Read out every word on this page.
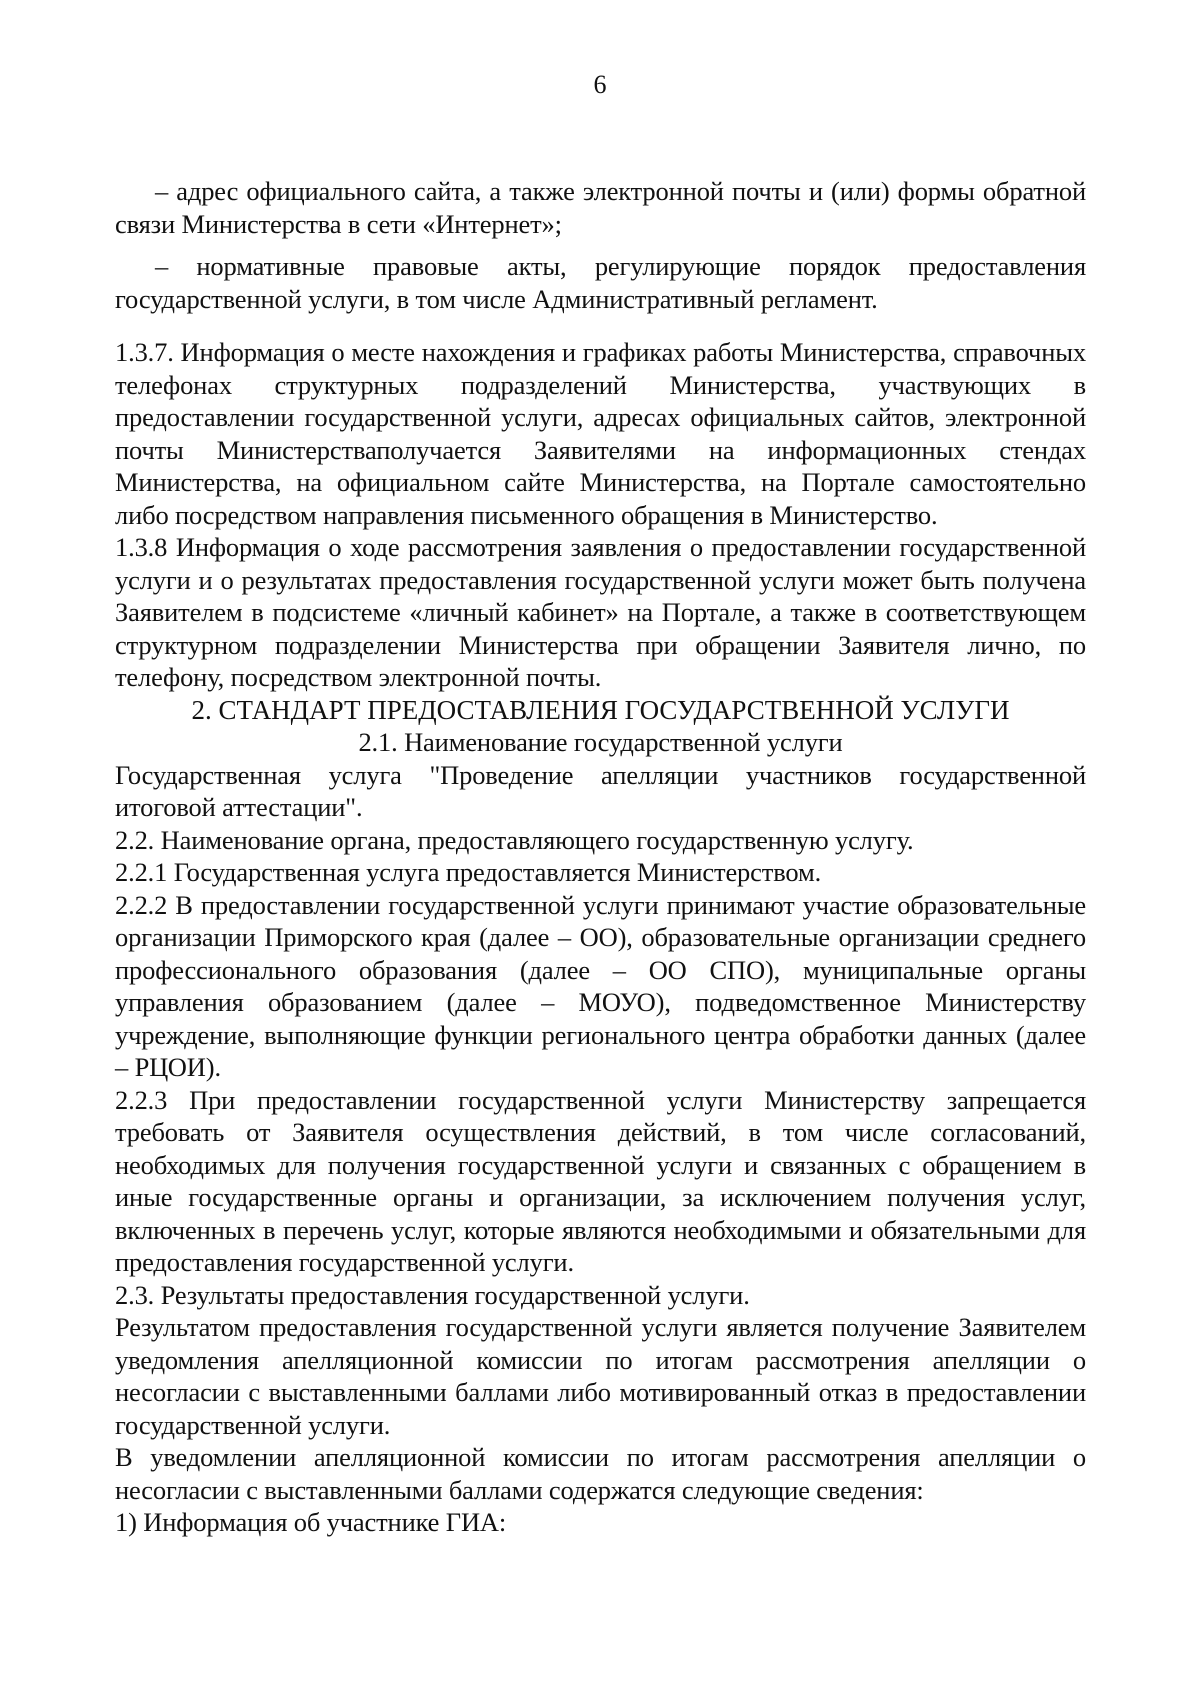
6

– адрес официального сайта, а также электронной почты и (или) формы обратной связи Министерства в сети «Интернет»;

– нормативные правовые акты, регулирующие порядок предоставления государственной услуги, в том числе Административный регламент.

1.3.7. Информация о месте нахождения и графиках работы Министерства, справочных телефонах структурных подразделений Министерства, участвующих в предоставлении государственной услуги, адресах официальных сайтов, электронной почты Министерстваполучается Заявителями на информационных стендах Министерства, на официальном сайте Министерства, на Портале самостоятельно либо посредством направления письменного обращения в Министерство.

1.3.8 Информация о ходе рассмотрения заявления о предоставлении государственной услуги и о результатах предоставления государственной услуги может быть получена Заявителем в подсистеме «личный кабинет» на Портале, а также в соответствующем структурном подразделении Министерства при обращении Заявителя лично, по телефону, посредством электронной почты.

2. СТАНДАРТ ПРЕДОСТАВЛЕНИЯ ГОСУДАРСТВЕННОЙ УСЛУГИ

2.1. Наименование государственной услуги

Государственная услуга "Проведение апелляции участников государственной итоговой аттестации".

2.2. Наименование органа, предоставляющего государственную услугу.

2.2.1 Государственная услуга предоставляется Министерством.

2.2.2 В предоставлении государственной услуги принимают участие образовательные организации Приморского края (далее – ОО), образовательные организации среднего профессионального образования (далее – ОО СПО), муниципальные органы управления образованием (далее – МОУО), подведомственное Министерству учреждение, выполняющие функции регионального центра обработки данных (далее – РЦОИ).

2.2.3 При предоставлении государственной услуги Министерству запрещается требовать от Заявителя осуществления действий, в том числе согласований, необходимых для получения государственной услуги и связанных с обращением в иные государственные органы и организации, за исключением получения услуг, включенных в перечень услуг, которые являются необходимыми и обязательными для предоставления государственной услуги.

2.3. Результаты предоставления государственной услуги.

Результатом предоставления государственной услуги является получение Заявителем уведомления апелляционной комиссии по итогам рассмотрения апелляции о несогласии с выставленными баллами либо мотивированный отказ в предоставлении государственной услуги.

В уведомлении апелляционной комиссии по итогам рассмотрения апелляции о несогласии с выставленными баллами содержатся следующие сведения:

1) Информация об участнике ГИА:
